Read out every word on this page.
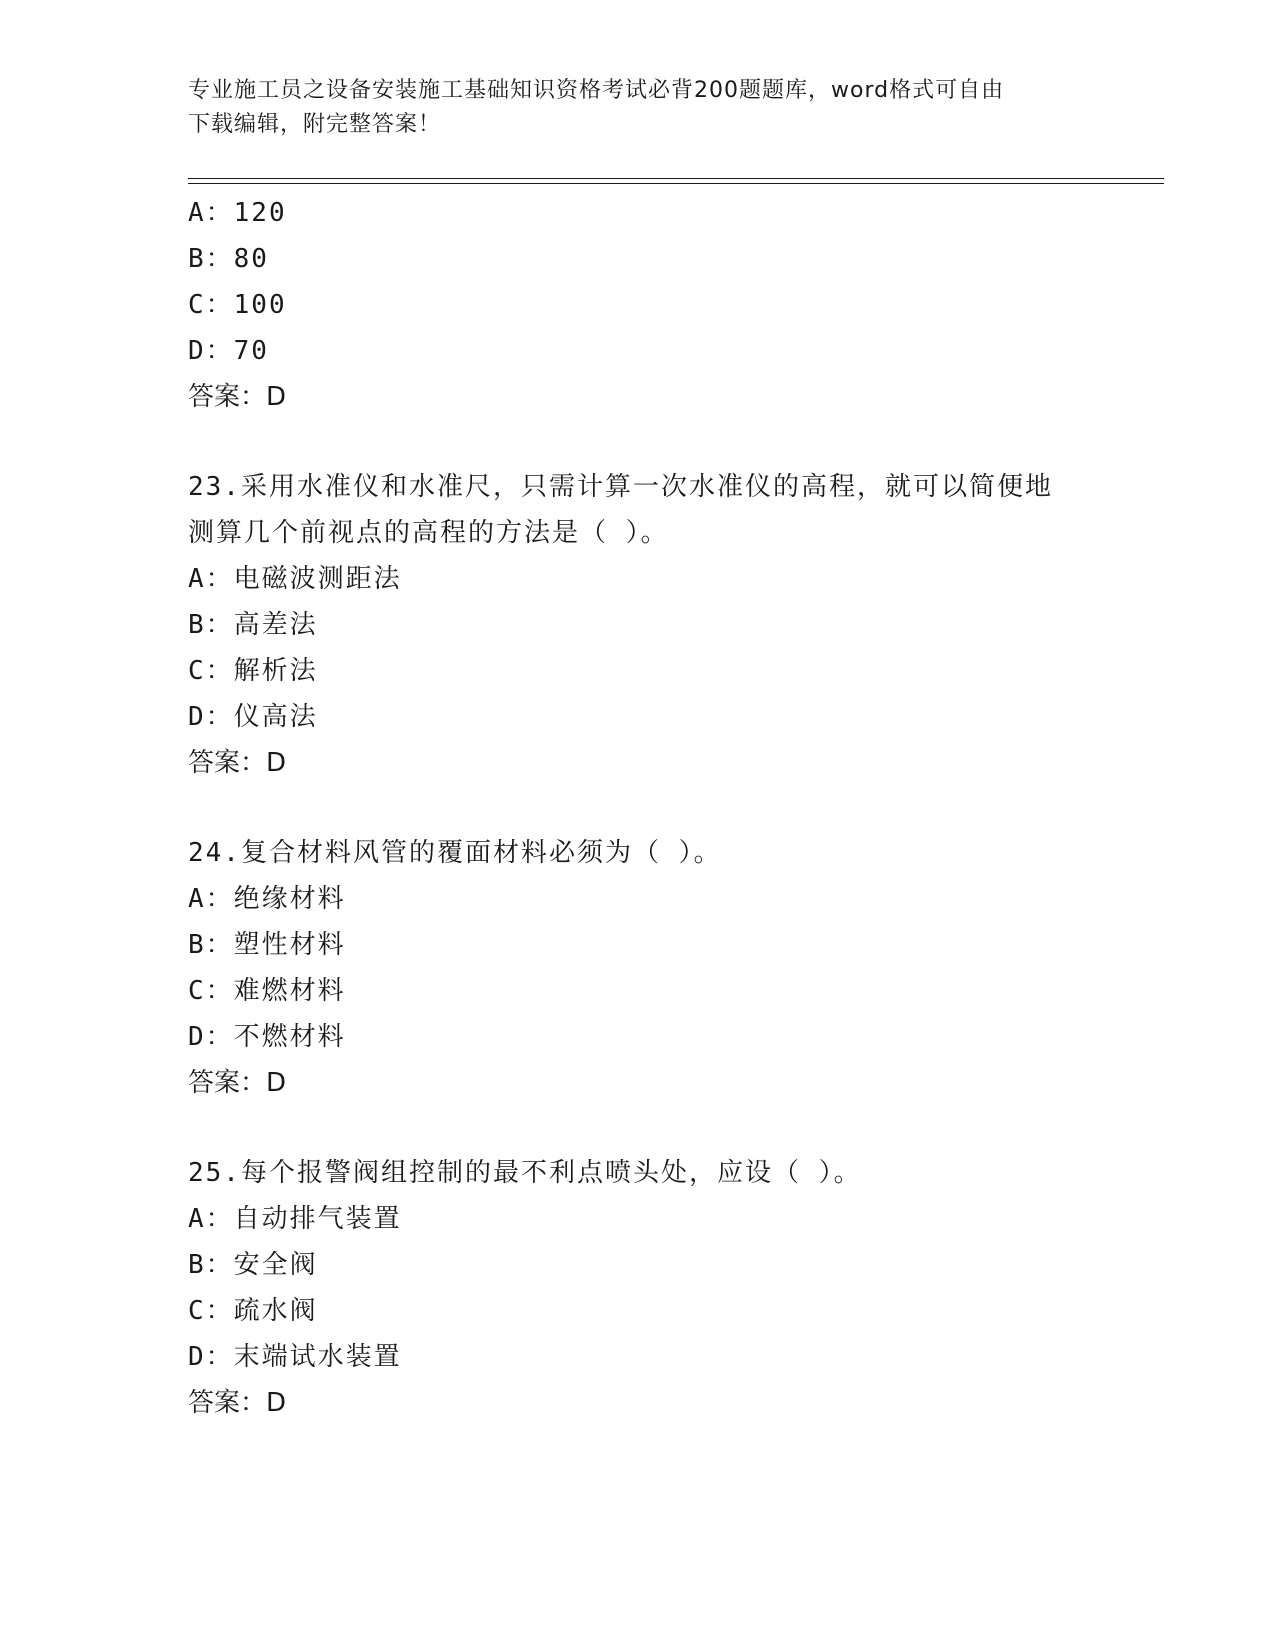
专业施工员之设备安装施工基础知识资格考试必背200题题库，word格式可自由
下载编辑，附完整答案！
A：120
B：80
C：100
D：70
答案：D
23.采用水准仪和水准尺，只需计算一次水准仪的高程，就可以简便地
测算几个前视点的高程的方法是（ ）。
A：电磁波测距法
B：高差法
C：解析法
D：仪高法
答案：D
24.复合材料风管的覆面材料必须为（ ）。
A：绝缘材料
B：塑性材料
C：难燃材料
D：不燃材料
答案：D
25.每个报警阀组控制的最不利点喷头处，应设（ ）。
A：自动排气装置
B：安全阀
C：疏水阀
D：末端试水装置
答案：D
